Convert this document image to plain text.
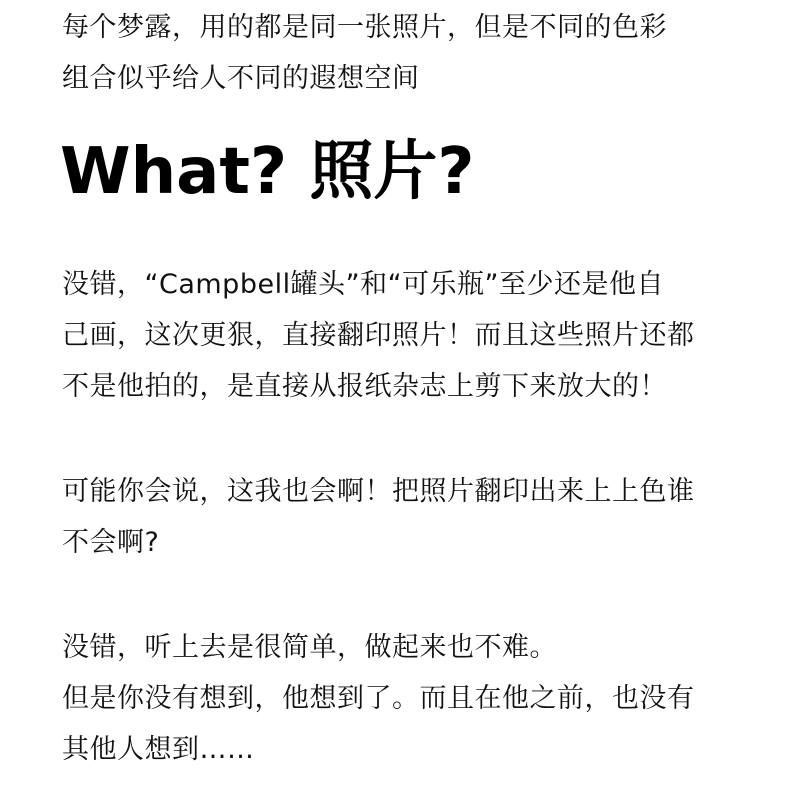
每个梦露，用的都是同一张照片，但是不同的色彩
组合似乎给人不同的遐想空间
What? 照片?
没错，“Campbell罐头”和“可乐瓶”至少还是他自
己画，这次更狠，直接翻印照片！而且这些照片还都
不是他拍的，是直接从报纸杂志上剪下来放大的！
可能你会说，这我也会啊！把照片翻印出来上上色谁
不会啊?
没错，听上去是很简单，做起来也不难。
但是你没有想到，他想到了。而且在他之前，也没有
其他人想到……
